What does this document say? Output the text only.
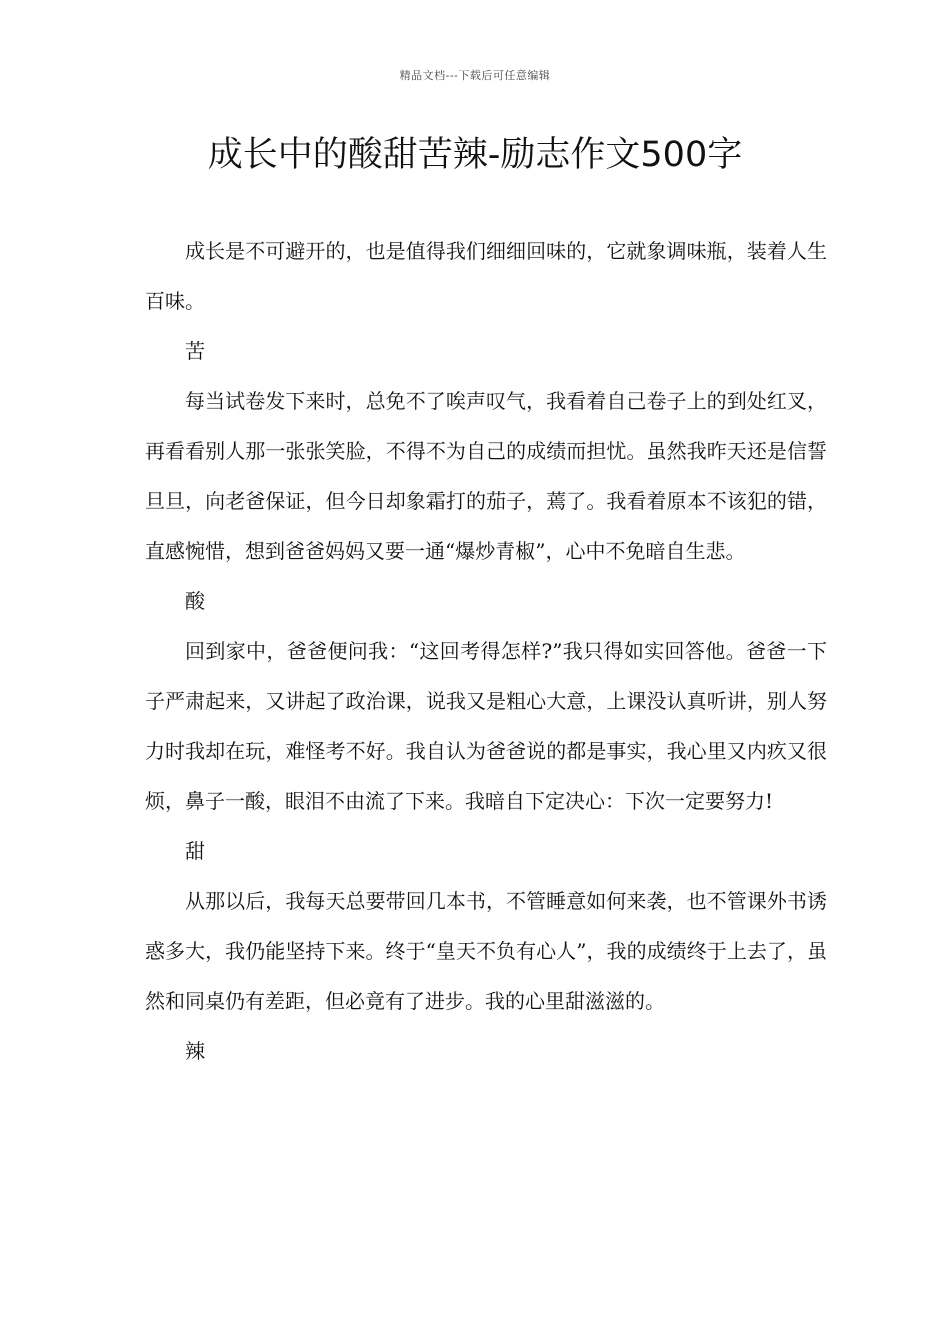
精品文档---下载后可任意编辑
成长中的酸甜苦辣-励志作文500字

成长是不可避开的，也是值得我们细细回味的，它就象调味瓶，装着人生百味。

苦

每当试卷发下来时，总免不了唉声叹气，我看着自己卷子上的到处红叉，再看看别人那一张张笑脸，不得不为自己的成绩而担忧。虽然我昨天还是信誓旦旦，向老爸保证，但今日却象霜打的茄子，蔫了。我看着原本不该犯的错，直感惋惜，想到爸爸妈妈又要一通“爆炒青椒”，心中不免暗自生悲。

酸

回到家中，爸爸便问我：“这回考得怎样?”我只得如实回答他。爸爸一下子严肃起来，又讲起了政治课，说我又是粗心大意，上课没认真听讲，别人努力时我却在玩，难怪考不好。我自认为爸爸说的都是事实，我心里又内疚又很烦，鼻子一酸，眼泪不由流了下来。我暗自下定决心：下次一定要努力!

甜

从那以后，我每天总要带回几本书，不管睡意如何来袭，也不管课外书诱惑多大，我仍能坚持下来。终于“皇天不负有心人”，我的成绩终于上去了，虽然和同桌仍有差距，但必竟有了进步。我的心里甜滋滋的。

辣
